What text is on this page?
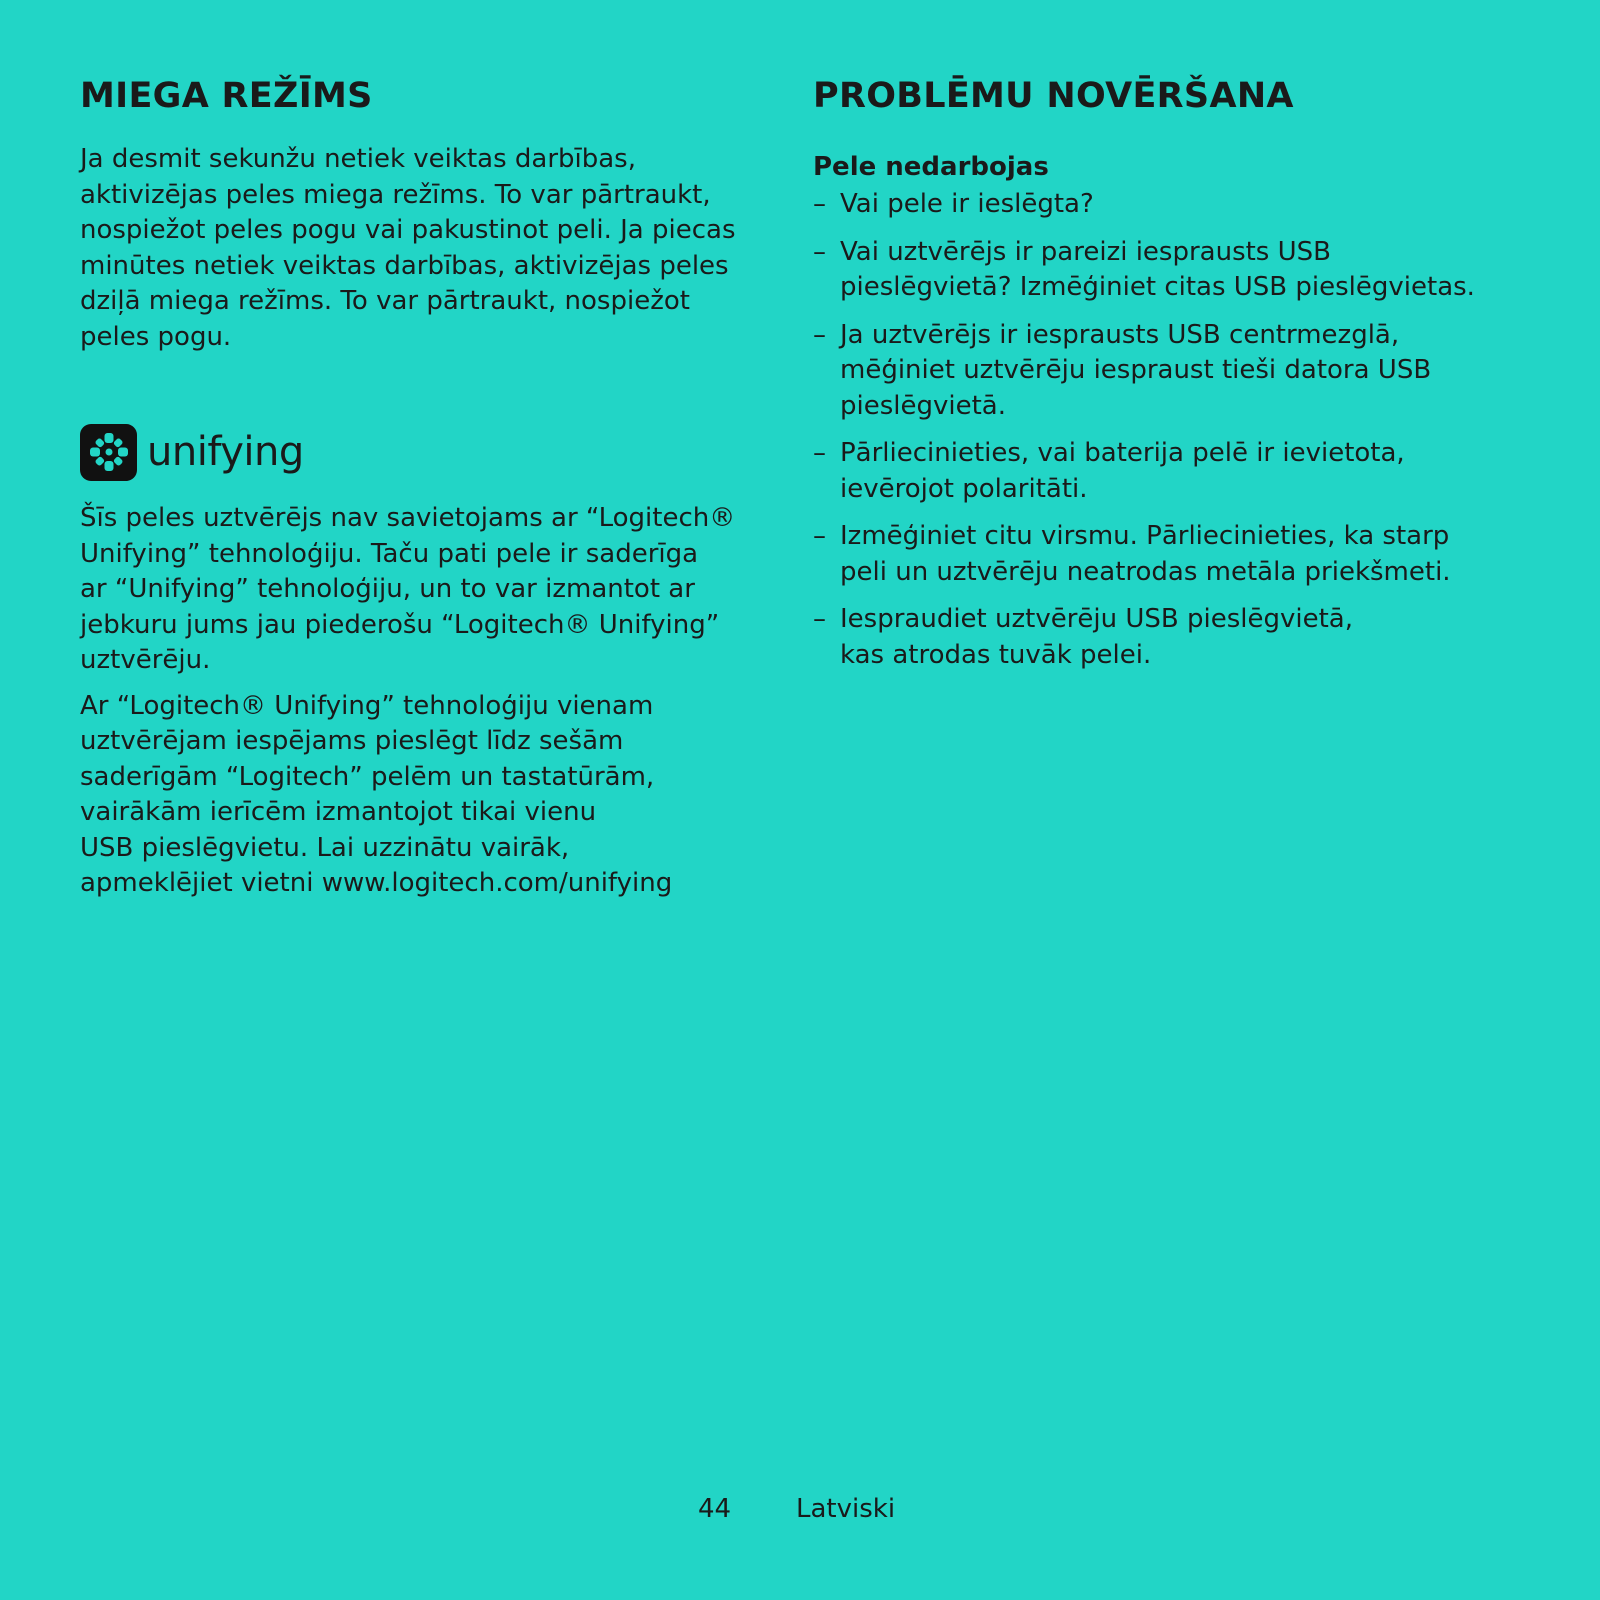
MIEGA REŽĪMS

Ja desmit sekunžu netiek veiktas darbības,
aktivizējas peles miega režīms. To var pārtraukt,
nospiežot peles pogu vai pakustinot peli. Ja piecas
minūtes netiek veiktas darbības, aktivizējas peles
dziļā miega režīms. To var pārtraukt, nospiežot
peles pogu.

unifying

Šīs peles uztvērējs nav savietojams ar “Logitech®
Unifying” tehnoloģiju. Taču pati pele ir saderīga
ar “Unifying” tehnoloģiju, un to var izmantot ar
jebkuru jums jau piederošu “Logitech® Unifying”
uztvērēju.

Ar “Logitech® Unifying” tehnoloģiju vienam
uztvērējam iespējams pieslēgt līdz sešām
saderīgām “Logitech” pelēm un tastatūrām,
vairākām ierīcēm izmantojot tikai vienu
USB pieslēgvietu. Lai uzzinātu vairāk,
apmeklējiet vietni www.logitech.com/unifying

PROBLĒMU NOVĒRŠANA
Pele nedarbojas
– Vai pele ir ieslēgta?
– Vai uztvērējs ir pareizi iesprausts USB
pieslēgvietā? Izmēģiniet citas USB pieslēgvietas.
– Ja uztvērējs ir iesprausts USB centrmezglā,
mēģiniet uztvērēju iespraust tieši datora USB
pieslēgvietā.
– Pārliecinieties, vai baterija pelē ir ievietota,
ievērojot polaritāti.
– Izmēģiniet citu virsmu. Pārliecinieties, ka starp
peli un uztvērēju neatrodas metāla priekšmeti.
– Iespraudiet uztvērēju USB pieslēgvietā,
kas atrodas tuvāk pelei.
44 Latviski
